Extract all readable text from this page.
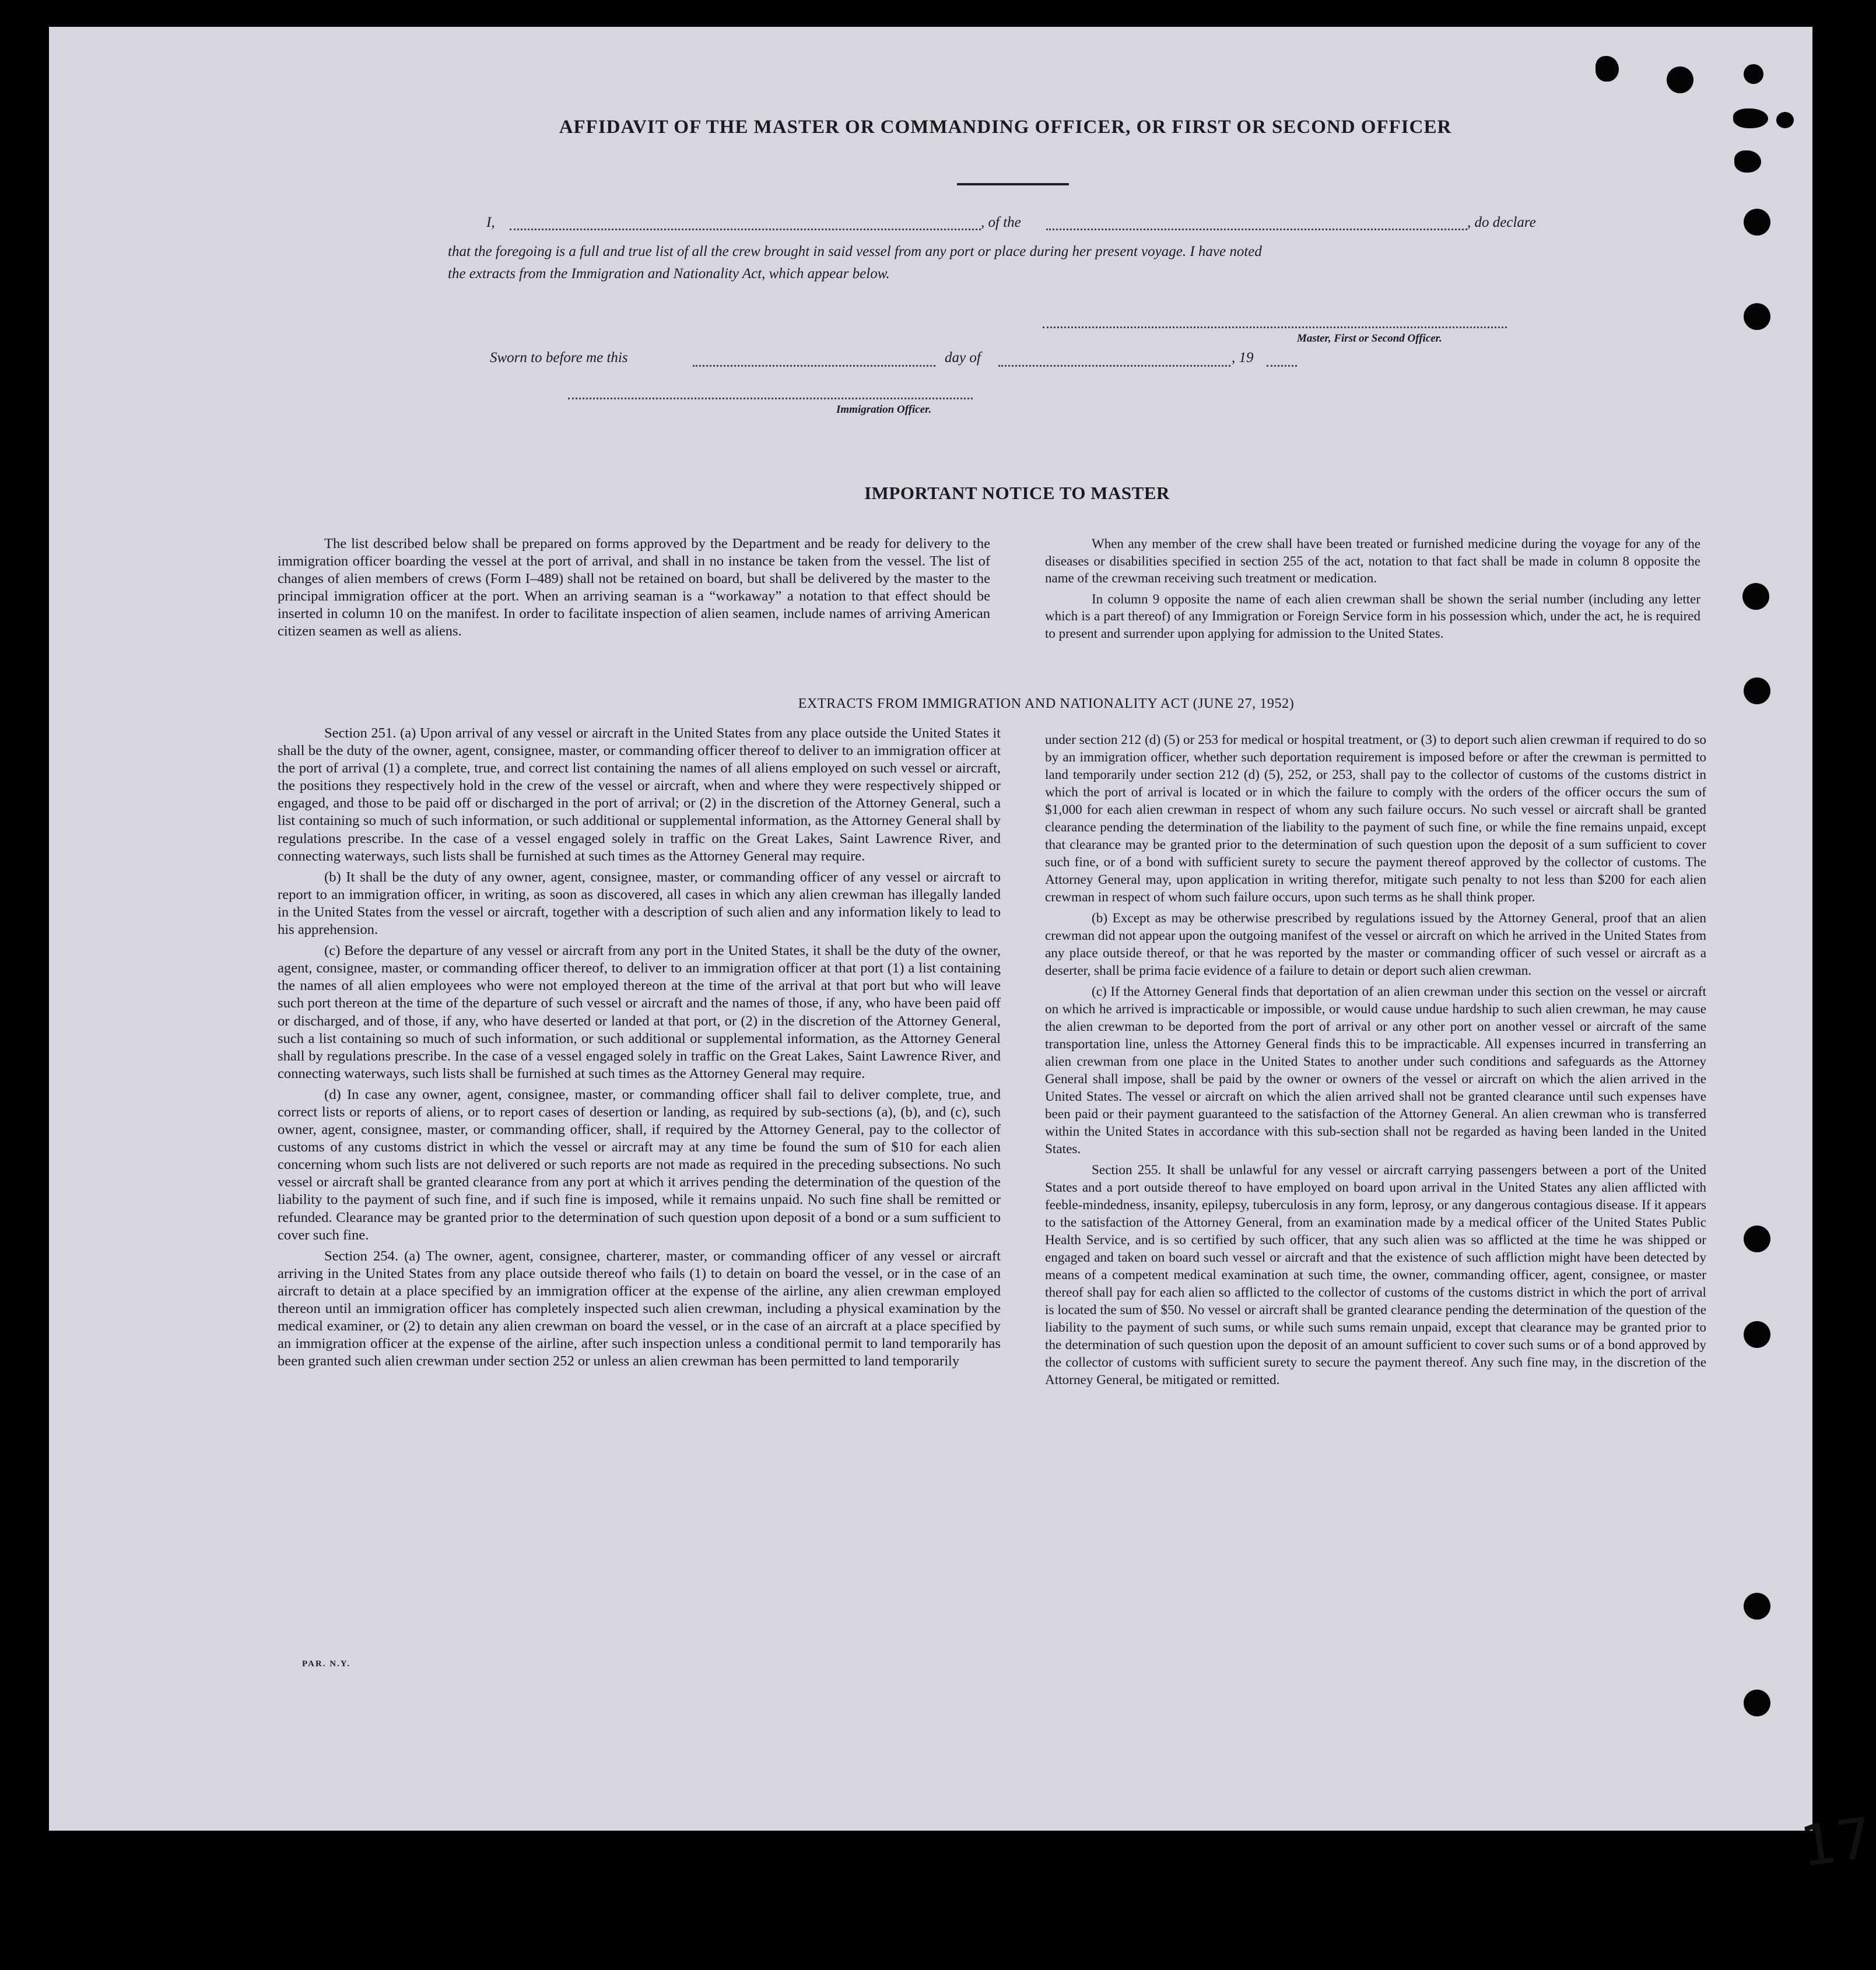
AFFIDAVIT OF THE MASTER OR COMMANDING OFFICER, OR FIRST OR SECOND OFFICER
I,	, of the	, do declare
that the foregoing is a full and true list of all the crew brought in said vessel from any port or place during her present voyage. I have noted
the extracts from the Immigration and Nationality Act, which appear below.
Master, First or Second Officer.
Sworn to before me this	day of	, 19
Immigration Officer.
IMPORTANT NOTICE TO MASTER

The list described below shall be prepared on forms approved by the Department and be ready for delivery to the immigration officer boarding the vessel at the port of arrival, and shall in no instance be taken from the vessel. The list of changes of alien members of crews (Form I–489) shall not be retained on board, but shall be delivered by the master to the principal immigration officer at the port. When an arriving seaman is a “workaway” a notation to that effect should be inserted in column 10 on the manifest. In order to facilitate inspection of alien seamen, include names of arriving American citizen seamen as well as aliens.

When any member of the crew shall have been treated or furnished medicine during the voyage for any of the diseases or disabilities specified in section 255 of the act, notation to that fact shall be made in column 8 opposite the name of the crewman receiving such treatment or medication.

In column 9 opposite the name of each alien crewman shall be shown the serial number (including any letter which is a part thereof) of any Immigration or Foreign Service form in his possession which, under the act, he is required to present and surrender upon applying for admission to the United States.

EXTRACTS FROM IMMIGRATION AND NATIONALITY ACT (JUNE 27, 1952)

Section 251. (a) Upon arrival of any vessel or aircraft in the United States from any place outside the United States it shall be the duty of the owner, agent, consignee, master, or commanding officer thereof to deliver to an immigration officer at the port of arrival (1) a complete, true, and correct list containing the names of all aliens employed on such vessel or aircraft, the positions they respectively hold in the crew of the vessel or aircraft, when and where they were respectively shipped or engaged, and those to be paid off or discharged in the port of arrival; or (2) in the discretion of the Attorney General, such a list containing so much of such information, or such additional or supplemental information, as the Attorney General shall by regulations prescribe. In the case of a vessel engaged solely in traffic on the Great Lakes, Saint Lawrence River, and connecting waterways, such lists shall be furnished at such times as the Attorney General may require.

(b) It shall be the duty of any owner, agent, consignee, master, or commanding officer of any vessel or aircraft to report to an immigration officer, in writing, as soon as discovered, all cases in which any alien crewman has illegally landed in the United States from the vessel or aircraft, together with a description of such alien and any information likely to lead to his apprehension.

(c) Before the departure of any vessel or aircraft from any port in the United States, it shall be the duty of the owner, agent, consignee, master, or commanding officer thereof, to deliver to an immigration officer at that port (1) a list containing the names of all alien employees who were not employed thereon at the time of the arrival at that port but who will leave such port thereon at the time of the departure of such vessel or aircraft and the names of those, if any, who have been paid off or discharged, and of those, if any, who have deserted or landed at that port, or (2) in the discretion of the Attorney General, such a list containing so much of such information, or such additional or supplemental information, as the Attorney General shall by regulations prescribe. In the case of a vessel engaged solely in traffic on the Great Lakes, Saint Lawrence River, and connecting waterways, such lists shall be furnished at such times as the Attorney General may require.

(d) In case any owner, agent, consignee, master, or commanding officer shall fail to deliver complete, true, and correct lists or reports of aliens, or to report cases of desertion or landing, as required by sub-sections (a), (b), and (c), such owner, agent, consignee, master, or commanding officer, shall, if required by the Attorney General, pay to the collector of customs of any customs district in which the vessel or aircraft may at any time be found the sum of $10 for each alien concerning whom such lists are not delivered or such reports are not made as required in the preceding subsections. No such vessel or aircraft shall be granted clearance from any port at which it arrives pending the determination of the question of the liability to the payment of such fine, and if such fine is imposed, while it remains unpaid. No such fine shall be remitted or refunded. Clearance may be granted prior to the determination of such question upon deposit of a bond or a sum sufficient to cover such fine.

Section 254. (a) The owner, agent, consignee, charterer, master, or commanding officer of any vessel or aircraft arriving in the United States from any place outside thereof who fails (1) to detain on board the vessel, or in the case of an aircraft to detain at a place specified by an immigration officer at the expense of the airline, any alien crewman employed thereon until an immigration officer has completely inspected such alien crewman, including a physical examination by the medical examiner, or (2) to detain any alien crewman on board the vessel, or in the case of an aircraft at a place specified by an immigration officer at the expense of the airline, after such inspection unless a conditional permit to land temporarily has been granted such alien crewman under section 252 or unless an alien crewman has been permitted to land temporarily

under section 212 (d) (5) or 253 for medical or hospital treatment, or (3) to deport such alien crewman if required to do so by an immigration officer, whether such deportation requirement is imposed before or after the crewman is permitted to land temporarily under section 212 (d) (5), 252, or 253, shall pay to the collector of customs of the customs district in which the port of arrival is located or in which the failure to comply with the orders of the officer occurs the sum of $1,000 for each alien crewman in respect of whom any such failure occurs. No such vessel or aircraft shall be granted clearance pending the determination of the liability to the payment of such fine, or while the fine remains unpaid, except that clearance may be granted prior to the determination of such question upon the deposit of a sum sufficient to cover such fine, or of a bond with sufficient surety to secure the payment thereof approved by the collector of customs. The Attorney General may, upon application in writing therefor, mitigate such penalty to not less than $200 for each alien crewman in respect of whom such failure occurs, upon such terms as he shall think proper.

(b) Except as may be otherwise prescribed by regulations issued by the Attorney General, proof that an alien crewman did not appear upon the outgoing manifest of the vessel or aircraft on which he arrived in the United States from any place outside thereof, or that he was reported by the master or commanding officer of such vessel or aircraft as a deserter, shall be prima facie evidence of a failure to detain or deport such alien crewman.

(c) If the Attorney General finds that deportation of an alien crewman under this section on the vessel or aircraft on which he arrived is impracticable or impossible, or would cause undue hardship to such alien crewman, he may cause the alien crewman to be deported from the port of arrival or any other port on another vessel or aircraft of the same transportation line, unless the Attorney General finds this to be impracticable. All expenses incurred in transferring an alien crewman from one place in the United States to another under such conditions and safeguards as the Attorney General shall impose, shall be paid by the owner or owners of the vessel or aircraft on which the alien arrived in the United States. The vessel or aircraft on which the alien arrived shall not be granted clearance until such expenses have been paid or their payment guaranteed to the satisfaction of the Attorney General. An alien crewman who is transferred within the United States in accordance with this sub-section shall not be regarded as having been landed in the United States.

Section 255. It shall be unlawful for any vessel or aircraft carrying passengers between a port of the United States and a port outside thereof to have employed on board upon arrival in the United States any alien afflicted with feeble-mindedness, insanity, epilepsy, tuberculosis in any form, leprosy, or any dangerous contagious disease. If it appears to the satisfaction of the Attorney General, from an examination made by a medical officer of the United States Public Health Service, and is so certified by such officer, that any such alien was so afflicted at the time he was shipped or engaged and taken on board such vessel or aircraft and that the existence of such affliction might have been detected by means of a competent medical examination at such time, the owner, commanding officer, agent, consignee, or master thereof shall pay for each alien so afflicted to the collector of customs of the customs district in which the port of arrival is located the sum of $50. No vessel or aircraft shall be granted clearance pending the determination of the question of the liability to the payment of such sums, or while such sums remain unpaid, except that clearance may be granted prior to the determination of such question upon the deposit of an amount sufficient to cover such sums or of a bond approved by the collector of customs with sufficient surety to secure the payment thereof. Any such fine may, in the discretion of the Attorney General, be mitigated or remitted.

PAR. N.Y.
17
